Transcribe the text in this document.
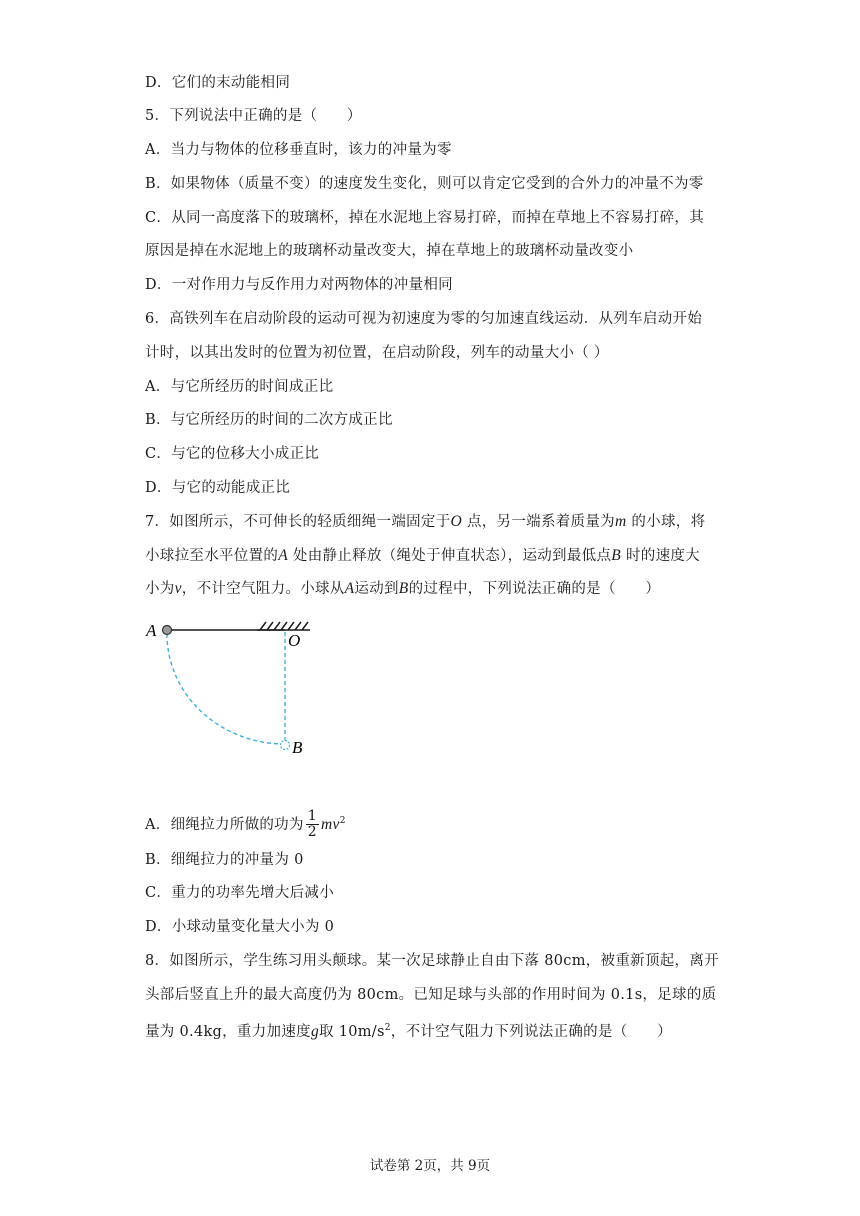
D．它们的末动能相同
5．下列说法中正确的是（　　）
A．当力与物体的位移垂直时，该力的冲量为零
B．如果物体（质量不变）的速度发生变化，则可以肯定它受到的合外力的冲量不为零
C．从同一高度落下的玻璃杯，掉在水泥地上容易打碎，而掉在草地上不容易打碎，其
原因是掉在水泥地上的玻璃杯动量改变大，掉在草地上的玻璃杯动量改变小
D．一对作用力与反作用力对两物体的冲量相同
6．高铁列车在启动阶段的运动可视为初速度为零的匀加速直线运动．从列车启动开始
计时，以其出发时的位置为初位置，在启动阶段，列车的动量大小（ ）
A．与它所经历的时间成正比
B．与它所经历的时间的二次方成正比
C．与它的位移大小成正比
D．与它的动能成正比
7．如图所示，不可伸长的轻质细绳一端固定于O 点，另一端系着质量为m 的小球，将
小球拉至水平位置的A 处由静止释放（绳处于伸直状态），运动到最低点B 时的速度大
小为v，不计空气阻力。小球从A运动到B的过程中，下列说法正确的是（　　）
A
O
B
A．细绳拉力所做的功为 $\frac{1}{2} mv^2$
B．细绳拉力的冲量为 0
C．重力的功率先增大后减小
D．小球动量变化量大小为 0
8．如图所示，学生练习用头颠球。某一次足球静止自由下落 80cm，被重新顶起，离开
头部后竖直上升的最大高度仍为 80cm。已知足球与头部的作用时间为 0.1s，足球的质
量为 0.4kg，重力加速度g取 $10m/s^2$，不计空气阻力下列说法正确的是（　　）
试卷第 2页，共 9页
